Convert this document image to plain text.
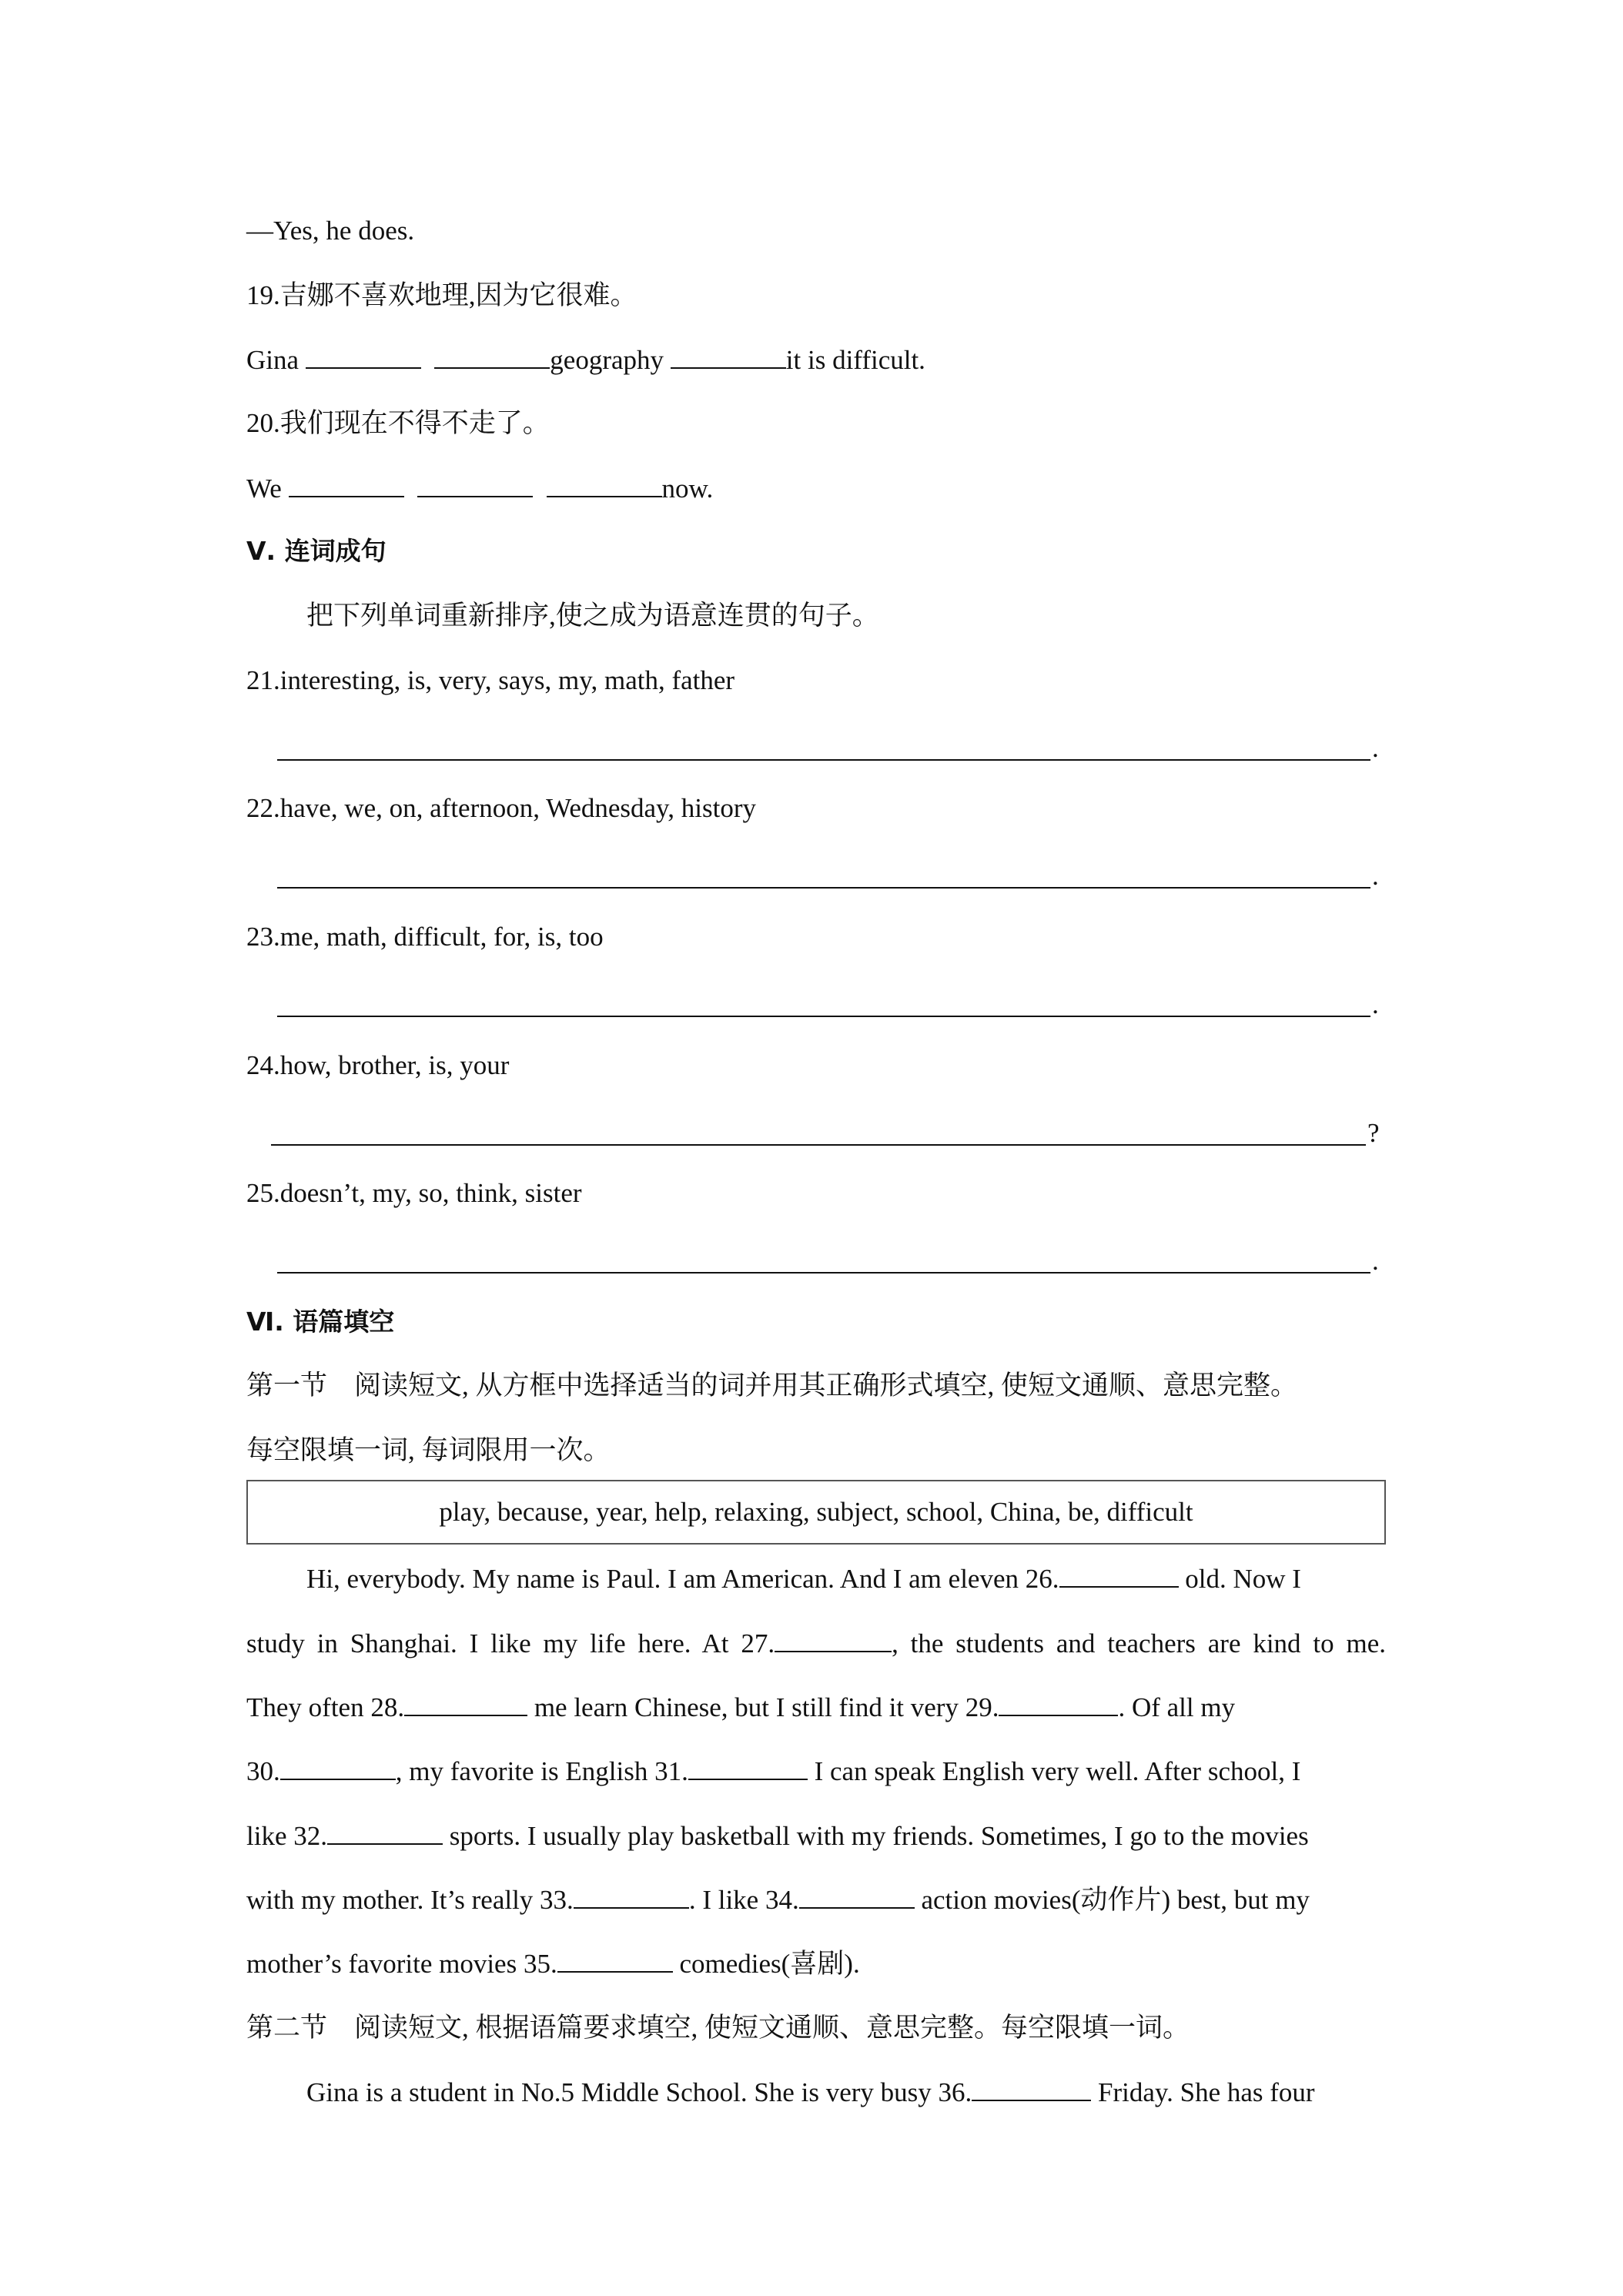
—Yes, he does.
19.吉娜不喜欢地理,因为它很难。
Gina	geography	it is difficult.
20.我们现在不得不走了。
We	now.
Ⅴ. 连词成句
把下列单词重新排序,使之成为语意连贯的句子。
21.interesting, is, very, says, my, math, father
.
22.have, we, on, afternoon, Wednesday, history
.
23.me, math, difficult, for, is, too
.
24.how, brother, is, your
?
25.doesn’t, my, so, think, sister
.
Ⅵ. 语篇填空
第一节　阅读短文, 从方框中选择适当的词并用其正确形式填空, 使短文通顺、意思完整。
每空限填一词, 每词限用一次。
play, because, year, help, relaxing, subject, school, China, be, difficult
Hi, everybody. My name is Paul. I am American. And I am eleven 26.	old. Now I
study in Shanghai. I like my life here. At 27.	, the students and teachers are kind to me.
They often 28.	me learn Chinese, but I still find it very 29.	. Of all my
30.	, my favorite is English 31.	I can speak English very well. After school, I
like 32.	sports. I usually play basketball with my friends. Sometimes, I go to the movies
with my mother. It’s really 33.	. I like 34.	action movies(动作片) best, but my
mother’s favorite movies 35.	comedies(喜剧).
第二节　阅读短文, 根据语篇要求填空, 使短文通顺、意思完整。每空限填一词。
Gina is a student in No.5 Middle School. She is very busy 36.	Friday. She has four
